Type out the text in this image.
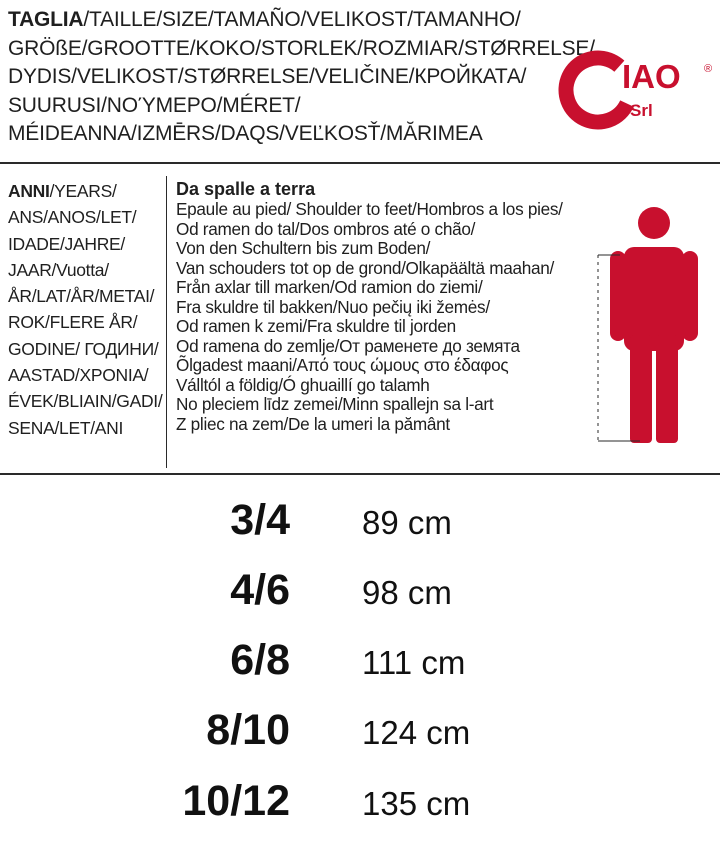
TAGLIA/TAILLE/SIZE/TAMAÑO/VELIKOST/TAMANHO/
GRÖßE/GROOTTE/KOKO/STORLEK/ROZMIAR/STØRRELSE/
DYDIS/VELIKOST/STØRRELSE/VELIČINE/КРОЙКАТА/
SUURUSI/ΝΟΎΜΕΡΟ/MÉRET/
MÉIDEANNA/IZMĒRS/DAQS/VEĽKOSŤ/MĂRIMEA
IAO
Srl
®
ANNI/YEARS/
ANS/ANOS/LET/
IDADE/JAHRE/
JAAR/Vuotta/
ÅR/LAT/ÅR/METAI/
ROK/FLERE ÅR/
GODINE/ ГОДИНИ/
AASTAD/ΧΡΟΝΙΑ/
ÉVEK/BLIAIN/GADI/
SENA/LET/ANI
Da spalle a terra
Epaule au pied/ Shoulder to feet/Hombros a los pies/
Od ramen do tal/Dos ombros até o chão/
Von den Schultern bis zum Boden/
Van schouders tot op de grond/Olkapäältä maahan/
Från axlar till marken/Od ramion do ziemi/
Fra skuldre til bakken/Nuo pečių iki žemės/
Od ramen k zemi/Fra skuldre til jorden
Od ramena do zemlje/От раменете до земята
Õlgadest maani/Από τους ώμους στο έδαφος
Válltól a földig/Ó ghuaillí go talamh
No pleciem līdz zemei/Minn spallejn sa l-art
Z pliec na zem/De la umeri la pământ
3/4 89 cm
4/6 98 cm
6/8 111 cm
8/10 124 cm
10/12 135 cm
